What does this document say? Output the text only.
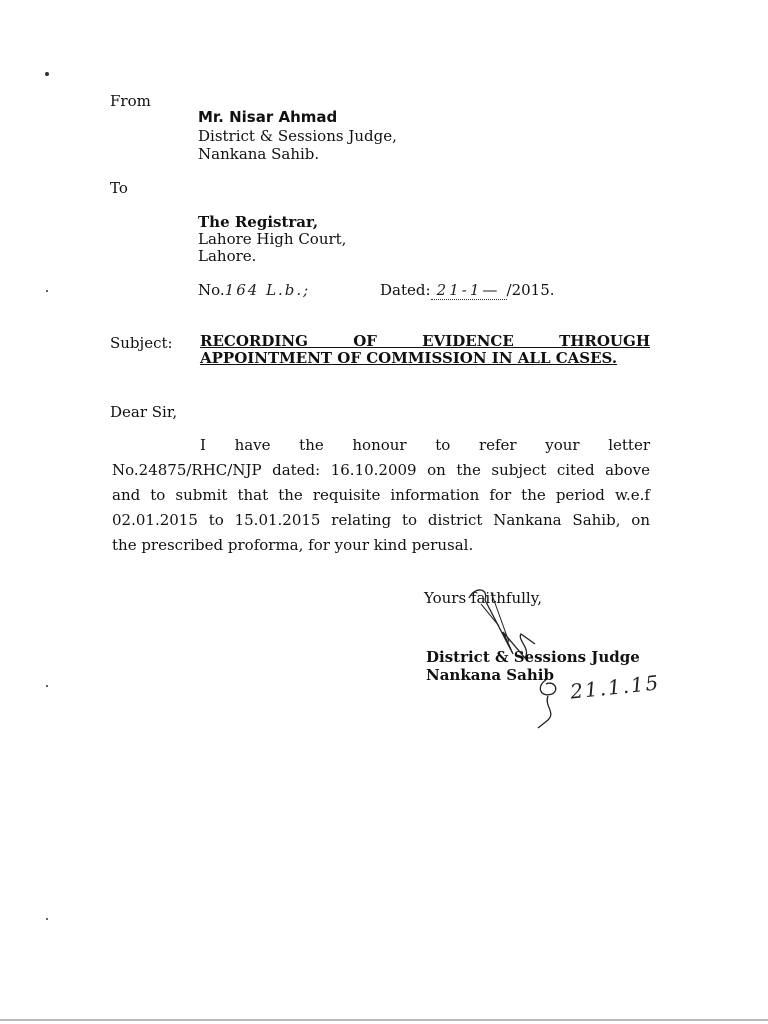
From
Mr. Nisar Ahmad
District & Sessions Judge,
Nankana Sahib.
To
The Registrar,
Lahore High Court,
Lahore.
No.164 L.b.;	Dated: 21-1— /2015.
Subject: RECORDING OF EVIDENCE THROUGH
APPOINTMENT OF COMMISSION IN ALL CASES.
Dear Sir,
I have the honour to refer your letter
No.24875/RHC/NJP dated: 16.10.2009 on the subject cited above
and to submit that the requisite information for the period w.e.f
02.01.2015 to 15.01.2015 relating to district Nankana Sahib, on
the prescribed proforma, for your kind perusal.
Yours faithfully,
District & Sessions Judge
Nankana Sahib 21.1.15
